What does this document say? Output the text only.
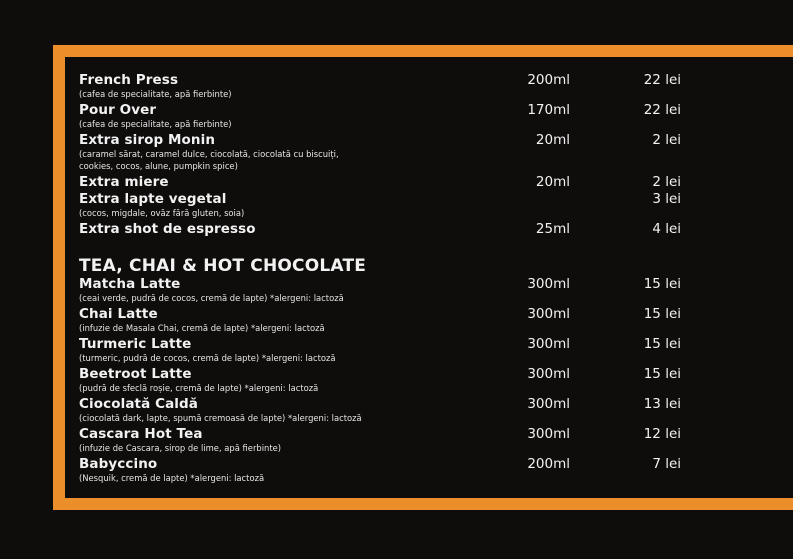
French Press
(cafea de specialitate, apă fierbinte)
200ml	22 lei
Pour Over
(cafea de specialitate, apă fierbinte)
170ml	22 lei
Extra sirop Monin
(caramel sărat, caramel dulce, ciocolată, ciocolată cu biscuiți,
cookies, cocos, alune, pumpkin spice)
20ml	2 lei
Extra miere	20ml	2 lei
Extra lapte vegetal
(cocos, migdale, ovăz fără gluten, soia)
3 lei
Extra shot de espresso	25ml	4 lei
TEA, CHAI & HOT CHOCOLATE
Matcha Latte
(ceai verde, pudră de cocos, cremă de lapte) *alergeni: lactoză
300ml	15 lei
Chai Latte
(infuzie de Masala Chai, cremă de lapte) *alergeni: lactoză
300ml	15 lei
Turmeric Latte
(turmeric, pudră de cocos, cremă de lapte) *alergeni: lactoză
300ml	15 lei
Beetroot Latte
(pudră de sfeclă roșie, cremă de lapte) *alergeni: lactoză
300ml	15 lei
Ciocolată Caldă
(ciocolată dark, lapte, spumă cremoasă de lapte) *alergeni: lactoză
300ml	13 lei
Cascara Hot Tea
(infuzie de Cascara, sirop de lime, apă fierbinte)
300ml	12 lei
Babyccino
(Nesquik, cremă de lapte) *alergeni: lactoză
200ml	7 lei
